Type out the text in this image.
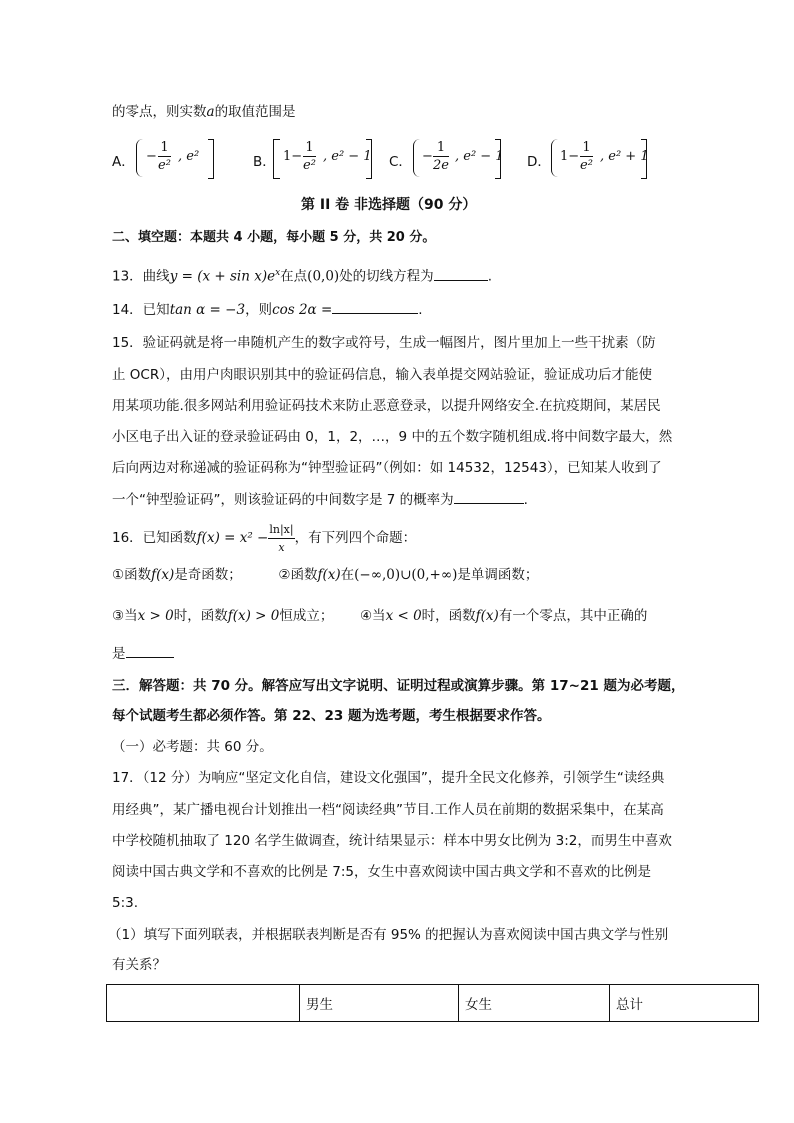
的零点，则实数a的取值范围是
A． − $\frac{1}{\text{e²}}$ , e²	B． $1- \frac{1}{\text{e²}}$ , e² − 1 C． − $\frac{1}{2e}$ , e² − 1 D． $1- \frac{1}{\text{e²}}$ , e² + 1
第 II 卷 非选择题（90 分）
二、填空题：本题共 4 小题，每小题 5 分，共 20 分。
13．曲线$y = (x + \sin x)e^x$在点(0,0)处的切线方程为	.
14．已知tan α = −3，则cos 2α =	.
15．验证码就是将一串随机产生的数字或符号，生成一幅图片，图片里加上一些干扰素（防
止 OCR），由用户肉眼识别其中的验证码信息，输入表单提交网站验证，验证成功后才能使
用某项功能.很多网站利用验证码技术来防止恶意登录，以提升网络安全.在抗疫期间，某居民
小区电子出入证的登录验证码由 0，1，2，…，9 中的五个数字随机组成.将中间数字最大，然
后向两边对称递减的验证码称为“钟型验证码”（例如：如 14532，12543），已知某人收到了
一个“钟型验证码”，则该验证码的中间数字是 7 的概率为	.
16．已知函数$f(x) = x^2 - \frac{\ln|x|}{x}$ ，有下列四个命题：
①函数f(x)是奇函数；	②函数f(x)在(−∞,0)∪(0,+∞)是单调函数；
③当x > 0时，函数f(x) > 0恒成立； ④当x < 0时，函数f(x)有一个零点，其中正确的
是
三．解答题：共 70 分。解答应写出文字说明、证明过程或演算步骤。第 17~21 题为必考题，
每个试题考生都必须作答。第 22、23 题为选考题，考生根据要求作答。
（一）必考题：共 60 分。
17．（12 分）为响应“坚定文化自信，建设文化强国”，提升全民文化修养，引领学生“读经典
用经典”，某广播电视台计划推出一档“阅读经典”节目.工作人员在前期的数据采集中，在某高
中学校随机抽取了 120 名学生做调查，统计结果显示：样本中男女比例为 3:2，而男生中喜欢
阅读中国古典文学和不喜欢的比例是 7:5，女生中喜欢阅读中国古典文学和不喜欢的比例是
5:3.
（1）填写下面列联表，并根据联表判断是否有 95% 的把握认为喜欢阅读中国古典文学与性别
有关系？
	男生	女生	总计
